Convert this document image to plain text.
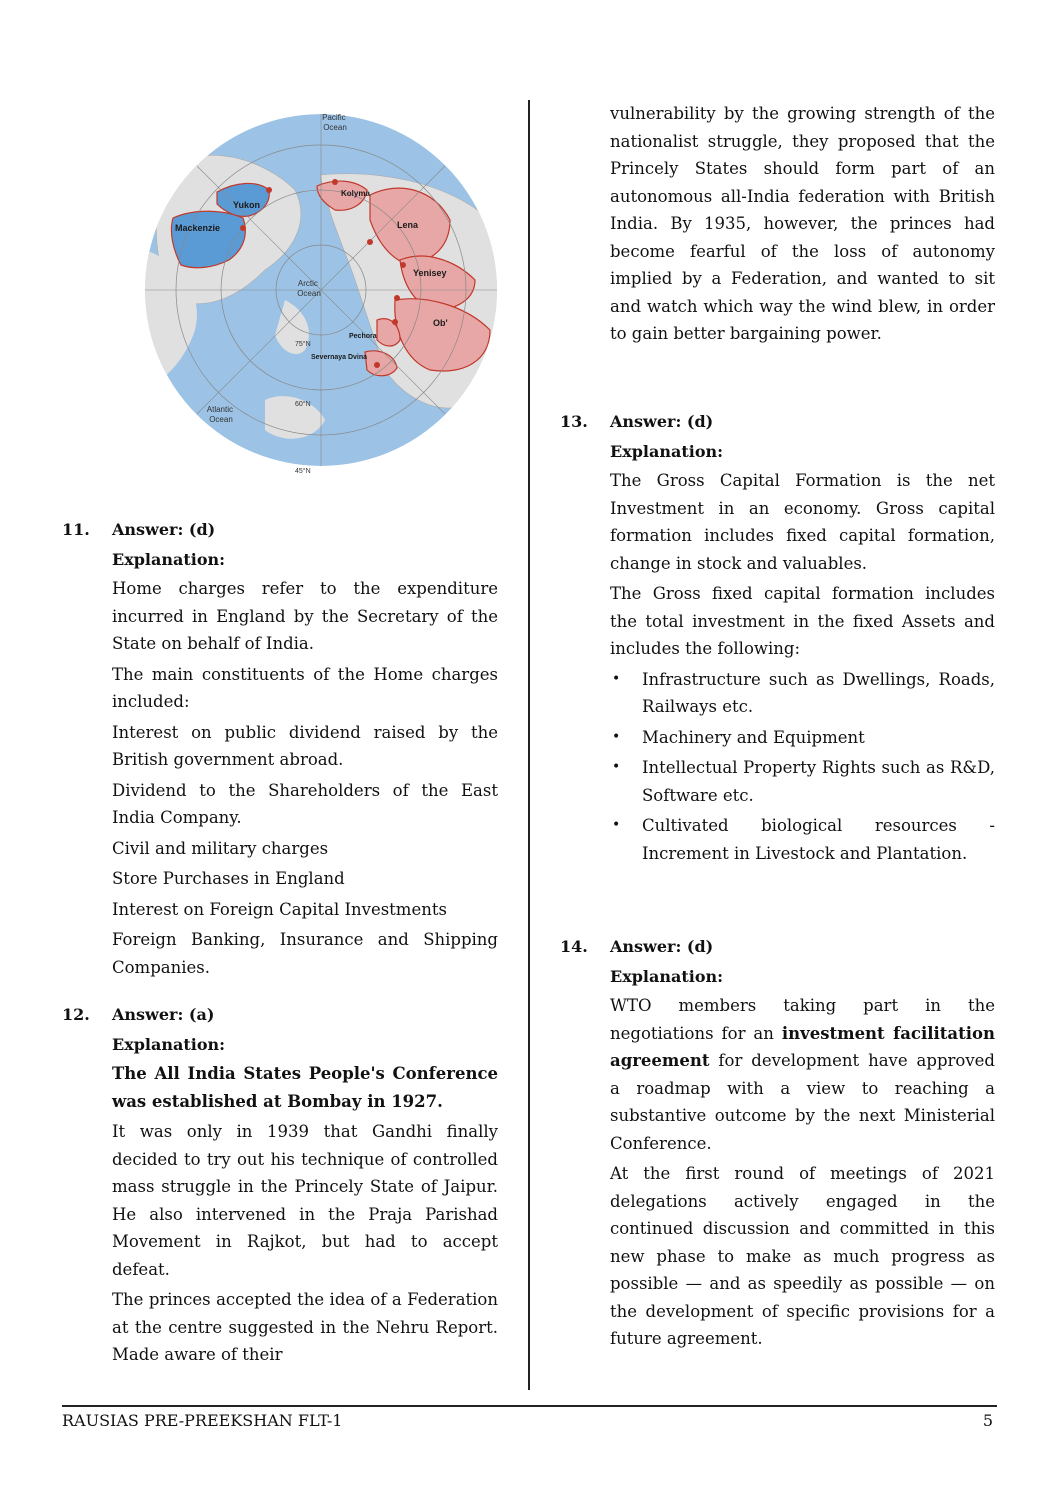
Pacific Ocean
Atlantic Ocean
Arctic Ocean
Yukon
Mackenzie
Kolyma
Lena
Yenisey
Ob'
Pechora
Severnaya Dvina
75°N
60°N
45°N
11. Answer: (d)
Explanation:

Home charges refer to the expenditure incurred in England by the Secretary of the State on behalf of India.

The main constituents of the Home charges included:

Interest on public dividend raised by the British government abroad.

Dividend to the Shareholders of the East India Company.

Civil and military charges

Store Purchases in England

Interest on Foreign Capital Investments

Foreign Banking, Insurance and Shipping Companies.

12. Answer: (a)
Explanation:

The All India States People's Conference was established at Bombay in 1927.

It was only in 1939 that Gandhi finally decided to try out his technique of controlled mass struggle in the Princely State of Jaipur. He also intervened in the Praja Parishad Movement in Rajkot, but had to accept defeat.

The princes accepted the idea of a Federation at the centre suggested in the Nehru Report. Made aware of their

vulnerability by the growing strength of the nationalist struggle, they proposed that the Princely States should form part of an autonomous all-India federation with British India. By 1935, however, the princes had become fearful of the loss of autonomy implied by a Federation, and wanted to sit and watch which way the wind blew, in order to gain better bargaining power.

13. Answer: (d)
Explanation:

The Gross Capital Formation is the net Investment in an economy. Gross capital formation includes fixed capital formation, change in stock and valuables.

The Gross fixed capital formation includes the total investment in the fixed Assets and includes the following:

• Infrastructure such as Dwellings, Roads, Railways etc.
• Machinery and Equipment
• Intellectual Property Rights such as R&D, Software etc.
• Cultivated biological resources - Increment in Livestock and Plantation.
14. Answer: (d)
Explanation:

WTO members taking part in the negotiations for an investment facilitation agreement for development have approved a roadmap with a view to reaching a substantive outcome by the next Ministerial Conference.

At the first round of meetings of 2021 delegations actively engaged in the continued discussion and committed in this new phase to make as much progress as possible — and as speedily as possible — on the development of specific provisions for a future agreement.

RAUSIAS PRE-PREEKSHAN FLT-1	5
